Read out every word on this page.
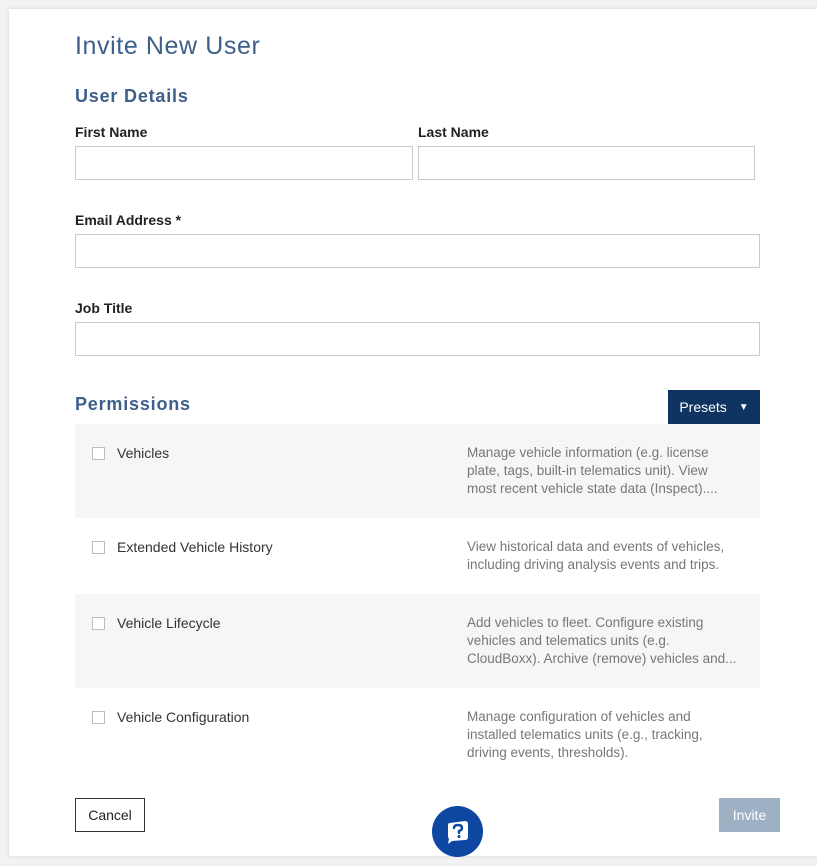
Invite New User
User Details
First Name	Last Name
Email Address *
Job Title
Permissions	Presets ▼
Vehicles	Manage vehicle information (e.g. license
plate, tags, built-in telematics unit). View
most recent vehicle state data (Inspect)....
Extended Vehicle History	View historical data and events of vehicles,
including driving analysis events and trips.
Vehicle Lifecycle	Add vehicles to fleet. Configure existing
vehicles and telematics units (e.g.
CloudBoxx). Archive (remove) vehicles and...
Vehicle Configuration	Manage configuration of vehicles and
installed telematics units (e.g., tracking,
driving events, thresholds).
Cancel	Invite
